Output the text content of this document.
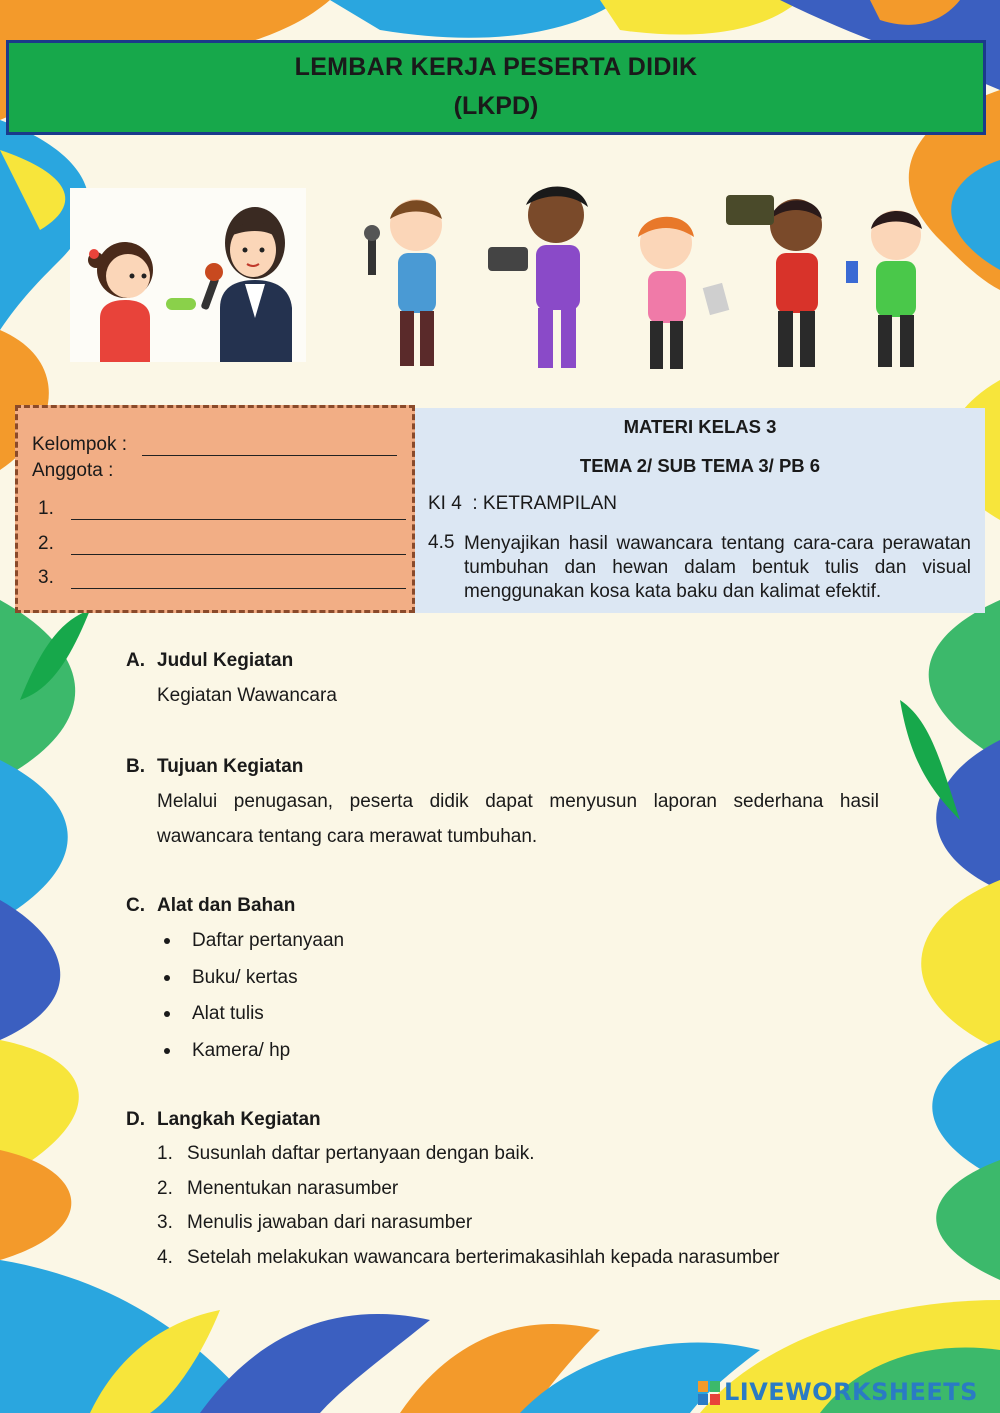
LEMBAR KERJA PESERTA DIDIK
(LKPD)
Kelompok :
Anggota :
1.
2.
3.
MATERI KELAS 3
TEMA 2/ SUB TEMA 3/ PB 6
KI 4  : KETRAMPILAN
4.5 Menyajikan hasil wawancara tentang cara-cara perawatan tumbuhan dan hewan dalam bentuk tulis dan visual menggunakan kosa kata baku dan kalimat efektif.
A. Judul Kegiatan
Kegiatan Wawancara
B. Tujuan Kegiatan
Melalui penugasan, peserta didik dapat menyusun laporan sederhana hasil wawancara tentang cara merawat tumbuhan.
C. Alat dan Bahan
Daftar pertanyaan
Buku/ kertas
Alat tulis
Kamera/ hp
D. Langkah Kegiatan
1. Susunlah daftar pertanyaan dengan baik.
2. Menentukan narasumber
3. Menulis jawaban dari narasumber
4. Setelah melakukan wawancara berterimakasihlah kepada narasumber
LIVEWORKSHEETS
